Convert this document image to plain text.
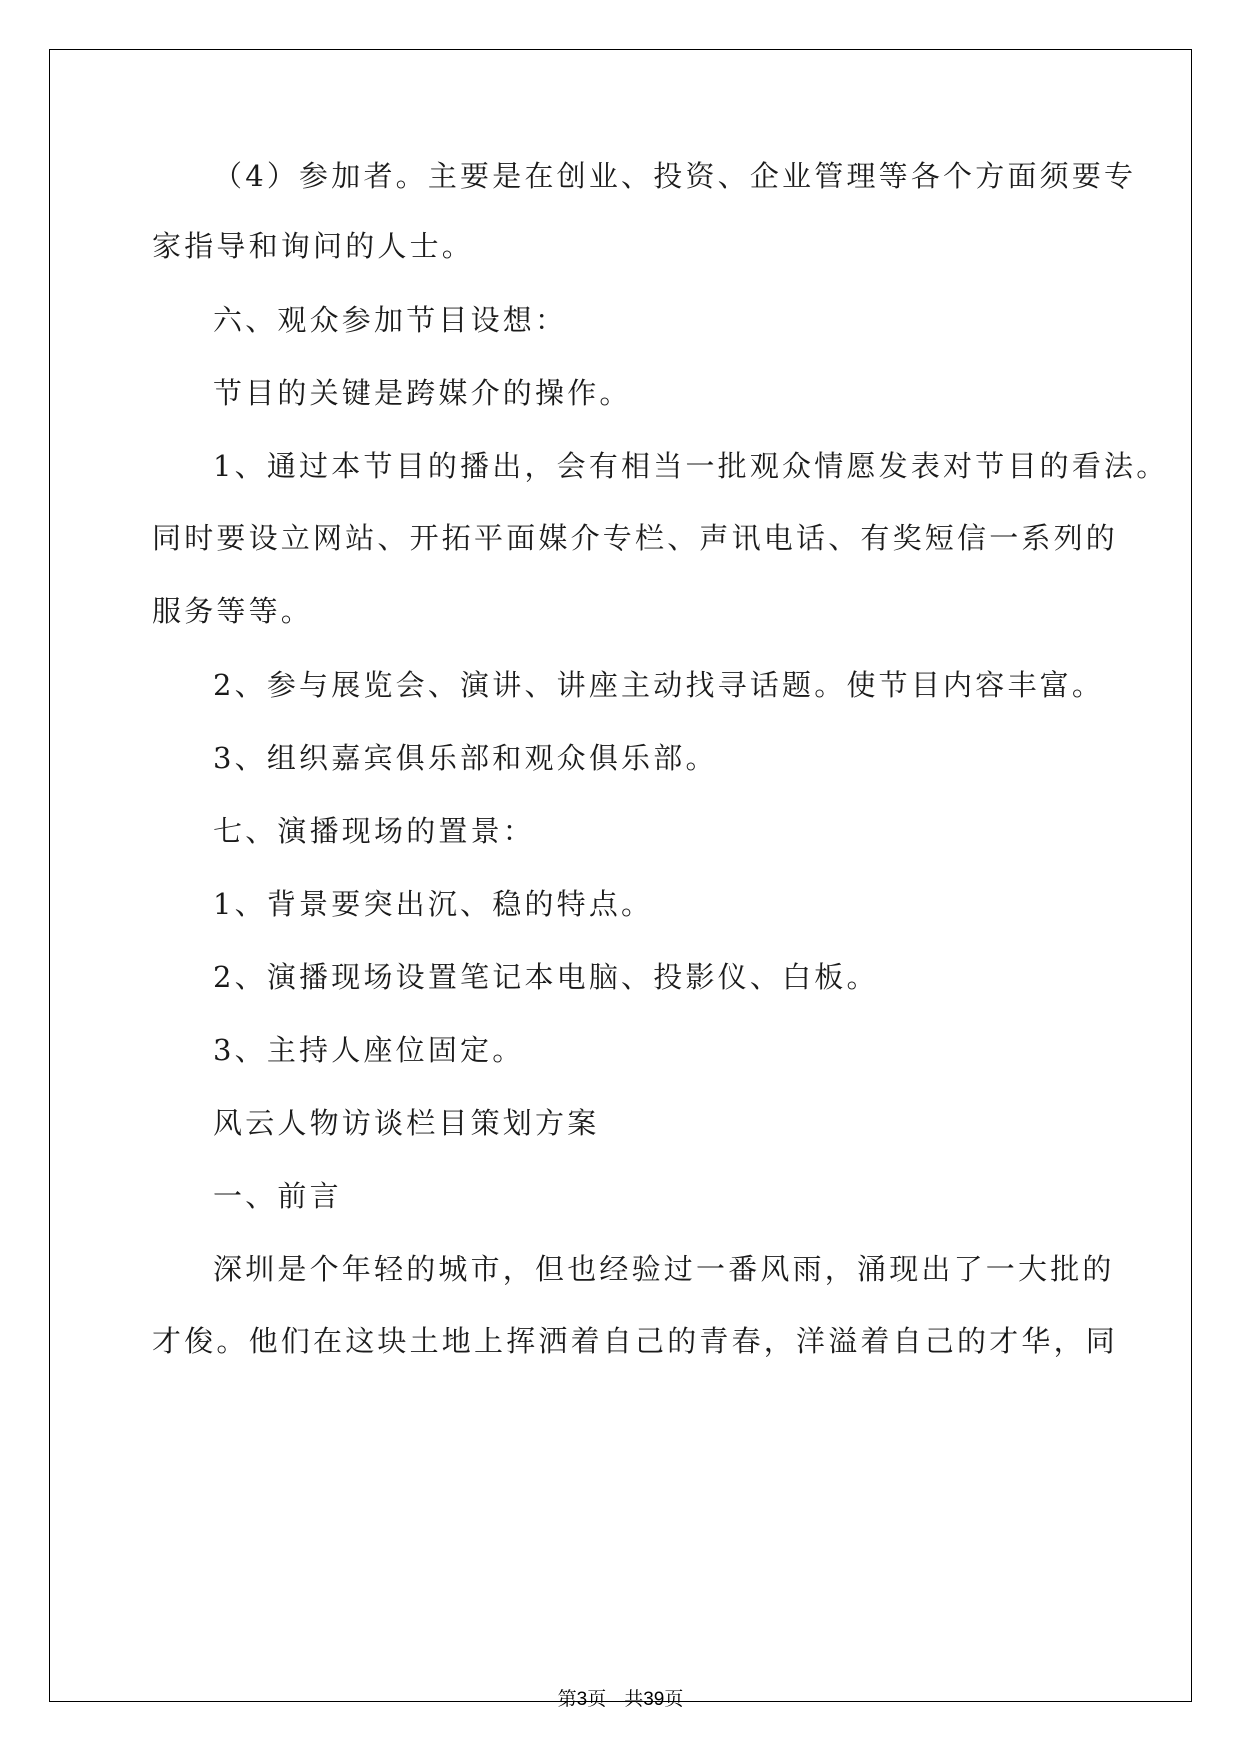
（4）参加者。主要是在创业、投资、企业管理等各个方面须要专
家指导和询问的人士。
六、观众参加节目设想：
节目的关键是跨媒介的操作。
1、通过本节目的播出，会有相当一批观众情愿发表对节目的看法。
同时要设立网站、开拓平面媒介专栏、声讯电话、有奖短信一系列的
服务等等。
2、参与展览会、演讲、讲座主动找寻话题。使节目内容丰富。
3、组织嘉宾俱乐部和观众俱乐部。
七、演播现场的置景：
1、背景要突出沉、稳的特点。
2、演播现场设置笔记本电脑、投影仪、白板。
3、主持人座位固定。
风云人物访谈栏目策划方案
一、前言
深圳是个年轻的城市，但也经验过一番风雨，涌现出了一大批的
才俊。他们在这块土地上挥洒着自己的青春，洋溢着自己的才华，同
第3页 共39页
